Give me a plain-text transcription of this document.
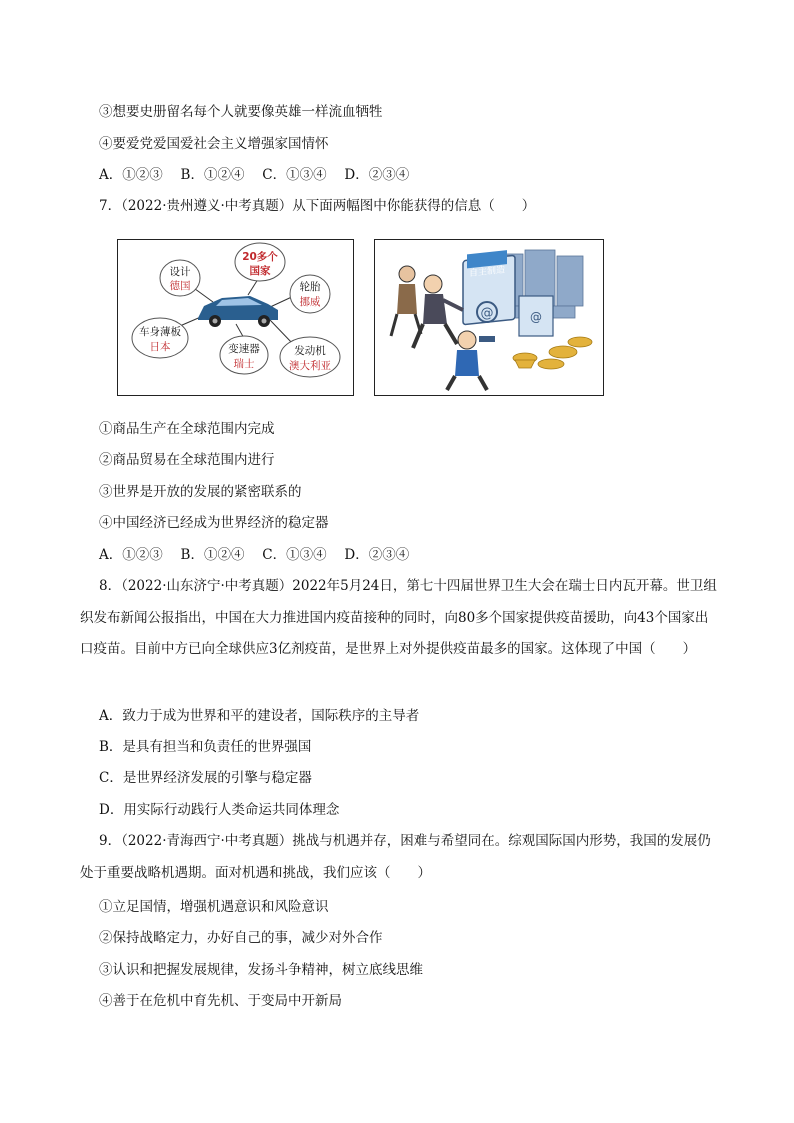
③想要史册留名每个人就要像英雄一样流血牺牲
④要爱党爱国爱社会主义增强家国情怀
A．①②③　 B．①②④　 C．①③④　 D．②③④
7．（2022·贵州遵义·中考真题）从下面两幅图中你能获得的信息（　　）
设计
德国
20多个
国家
轮胎
挪威
车身薄板
日本	变速器
瑞士
发动机
澳大利亚
自主制造
@	@
①商品生产在全球范围内完成
②商品贸易在全球范围内进行
③世界是开放的发展的紧密联系的
④中国经济已经成为世界经济的稳定器
A．①②③　 B．①②④　 C．①③④　 D．②③④
8．（2022·山东济宁·中考真题）2022年5月24日，第七十四届世界卫生大会在瑞士日内瓦开幕。世卫组织发布新闻公报指出，中国在大力推进国内疫苗接种的同时，向80多个国家提供疫苗援助，向43个国家出口疫苗。目前中方已向全球供应3亿剂疫苗，是世界上对外提供疫苗最多的国家。这体现了中国（　　）
A．致力于成为世界和平的建设者，国际秩序的主导者
B．是具有担当和负责任的世界强国
C．是世界经济发展的引擎与稳定器
D．用实际行动践行人类命运共同体理念
9．（2022·青海西宁·中考真题）挑战与机遇并存，困难与希望同在。综观国际国内形势，我国的发展仍处于重要战略机遇期。面对机遇和挑战，我们应该（　　）
①立足国情，增强机遇意识和风险意识
②保持战略定力，办好自己的事，减少对外合作
③认识和把握发展规律，发扬斗争精神，树立底线思维
④善于在危机中育先机、于变局中开新局
